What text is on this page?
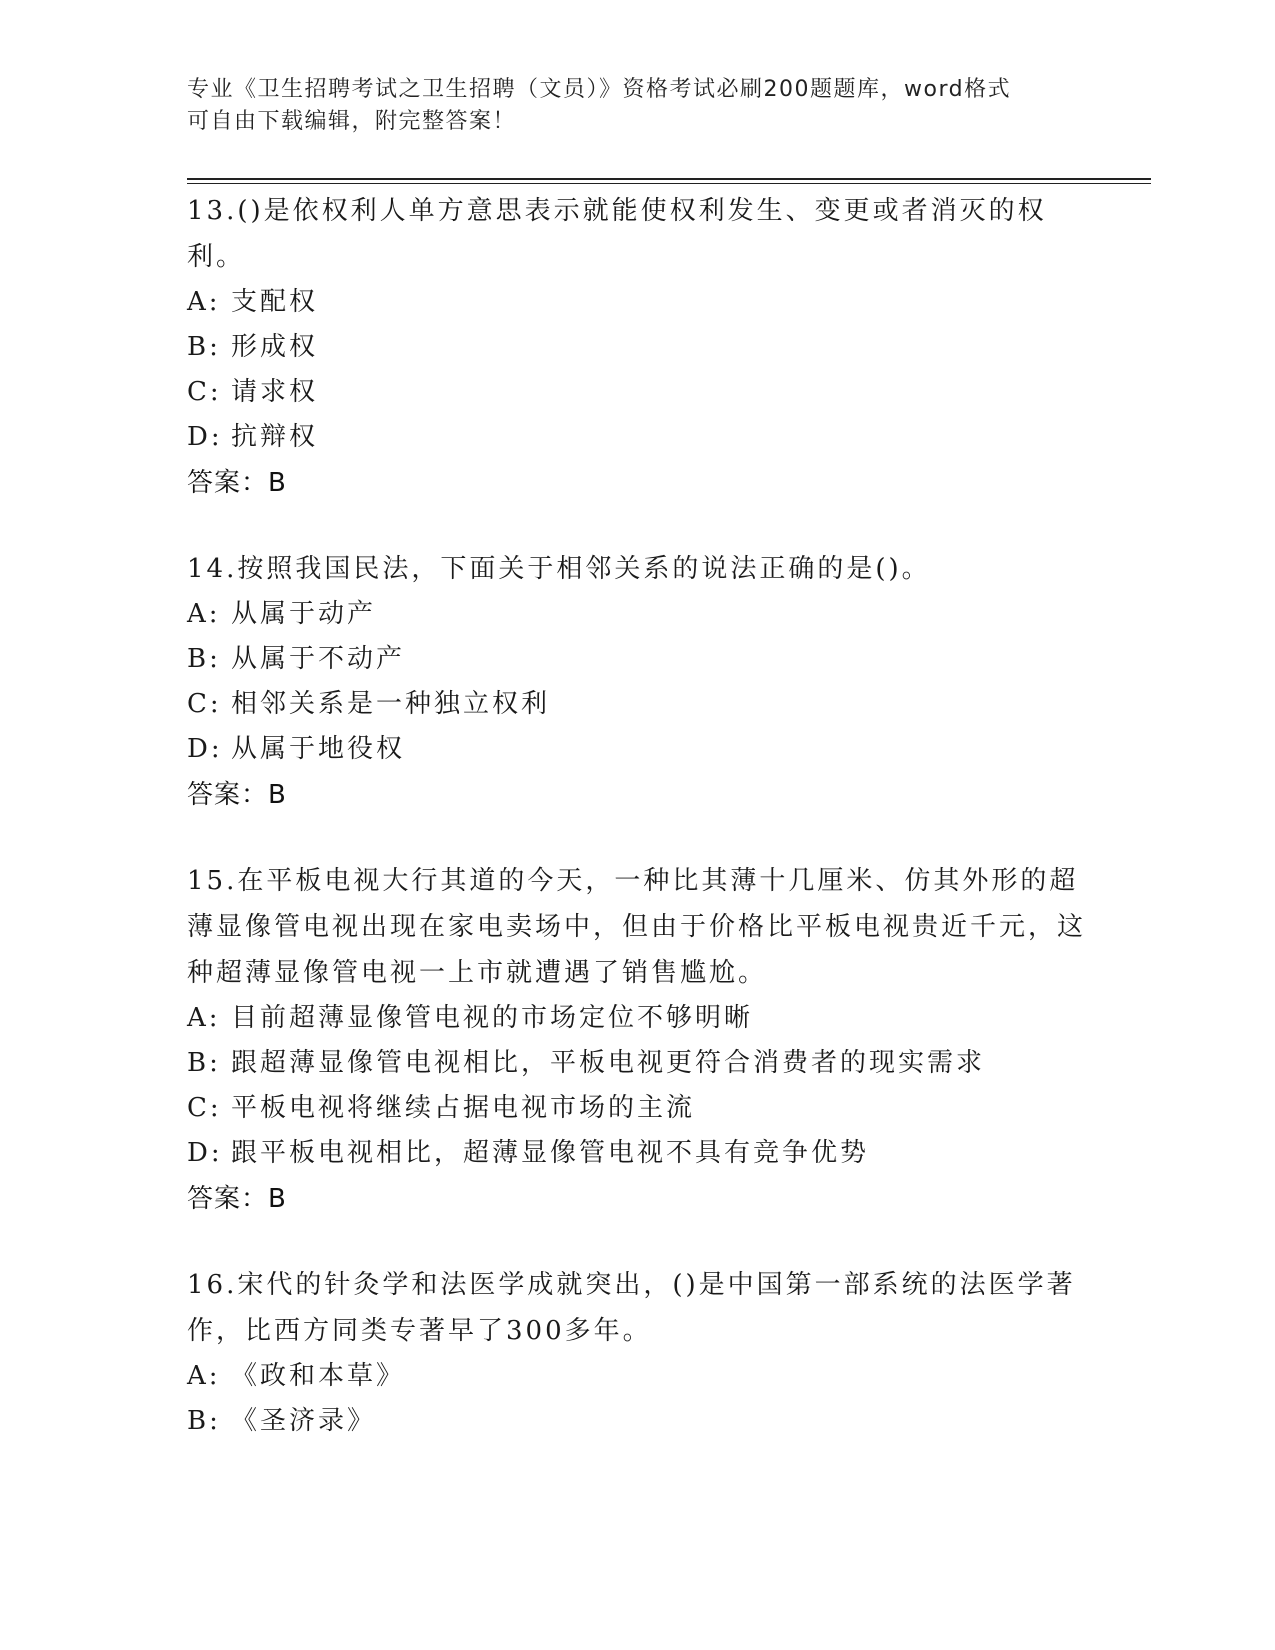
专业《卫生招聘考试之卫生招聘（文员）》资格考试必刷200题题库，word格式
可自由下载编辑，附完整答案！
13.()是依权利人单方意思表示就能使权利发生、变更或者消灭的权利。
A: 支配权
B: 形成权
C: 请求权
D: 抗辩权
答案：B
14.按照我国民法，下面关于相邻关系的说法正确的是()。
A: 从属于动产
B: 从属于不动产
C: 相邻关系是一种独立权利
D: 从属于地役权
答案：B
15.在平板电视大行其道的今天，一种比其薄十几厘米、仿其外形的超薄显像管电视出现在家电卖场中，但由于价格比平板电视贵近千元，这种超薄显像管电视一上市就遭遇了销售尴尬。
A: 目前超薄显像管电视的市场定位不够明晰
B: 跟超薄显像管电视相比，平板电视更符合消费者的现实需求
C: 平板电视将继续占据电视市场的主流
D: 跟平板电视相比，超薄显像管电视不具有竞争优势
答案：B
16.宋代的针灸学和法医学成就突出，()是中国第一部系统的法医学著作，比西方同类专著早了300多年。
A: 《政和本草》
B: 《圣济录》
